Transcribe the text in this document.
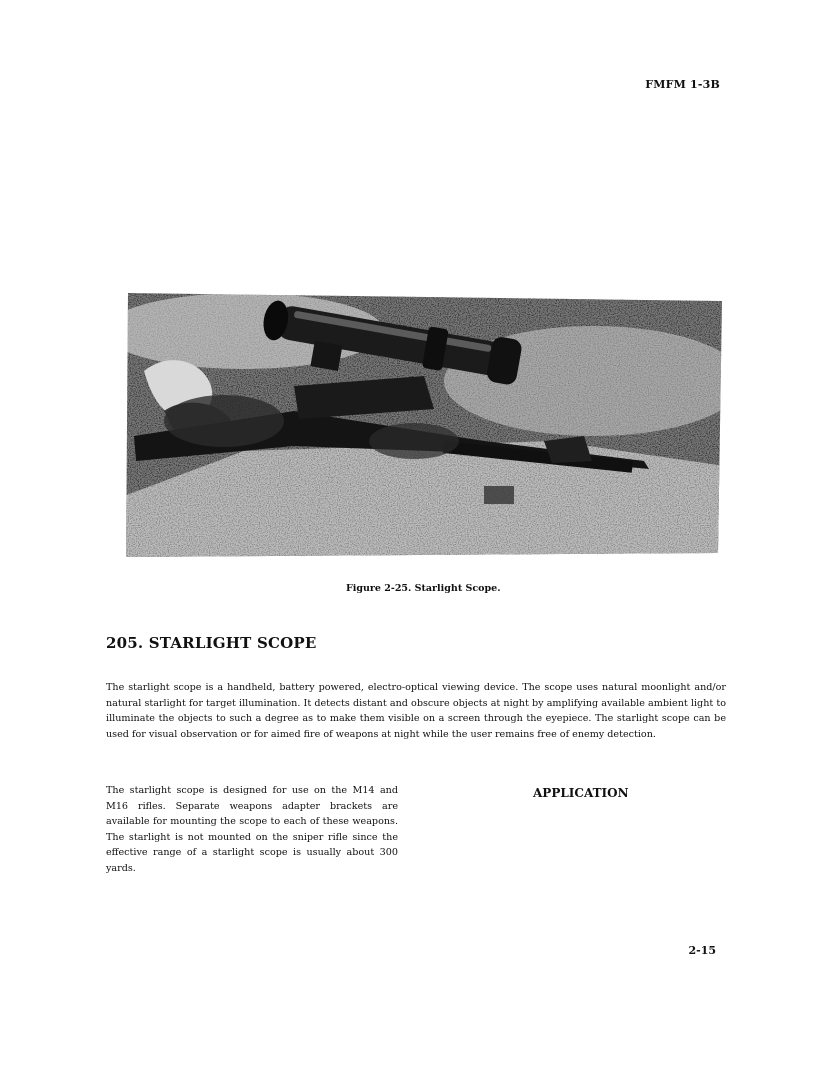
FMFM 1-3B
Figure 2-25. Starlight Scope.
205. STARLIGHT SCOPE

The starlight scope is a handheld, battery powered, electro-optical viewing device. The scope uses natural moonlight and/or natural starlight for target illumination. It detects distant and obscure objects at night by amplifying available ambient light to illuminate the objects to such a degree as to make them visible on a screen through the eyepiece. The starlight scope can be used for visual observation or for aimed fire of weapons at night while the user remains free of enemy detection.

The starlight scope is designed for use on the M14 and M16 rifles. Separate weapons adapter brackets are available for mounting the scope to each of these weapons. The starlight is not mounted on the sniper rifle since the effective range of a starlight scope is usually about 300 yards.

APPLICATION
2-15
